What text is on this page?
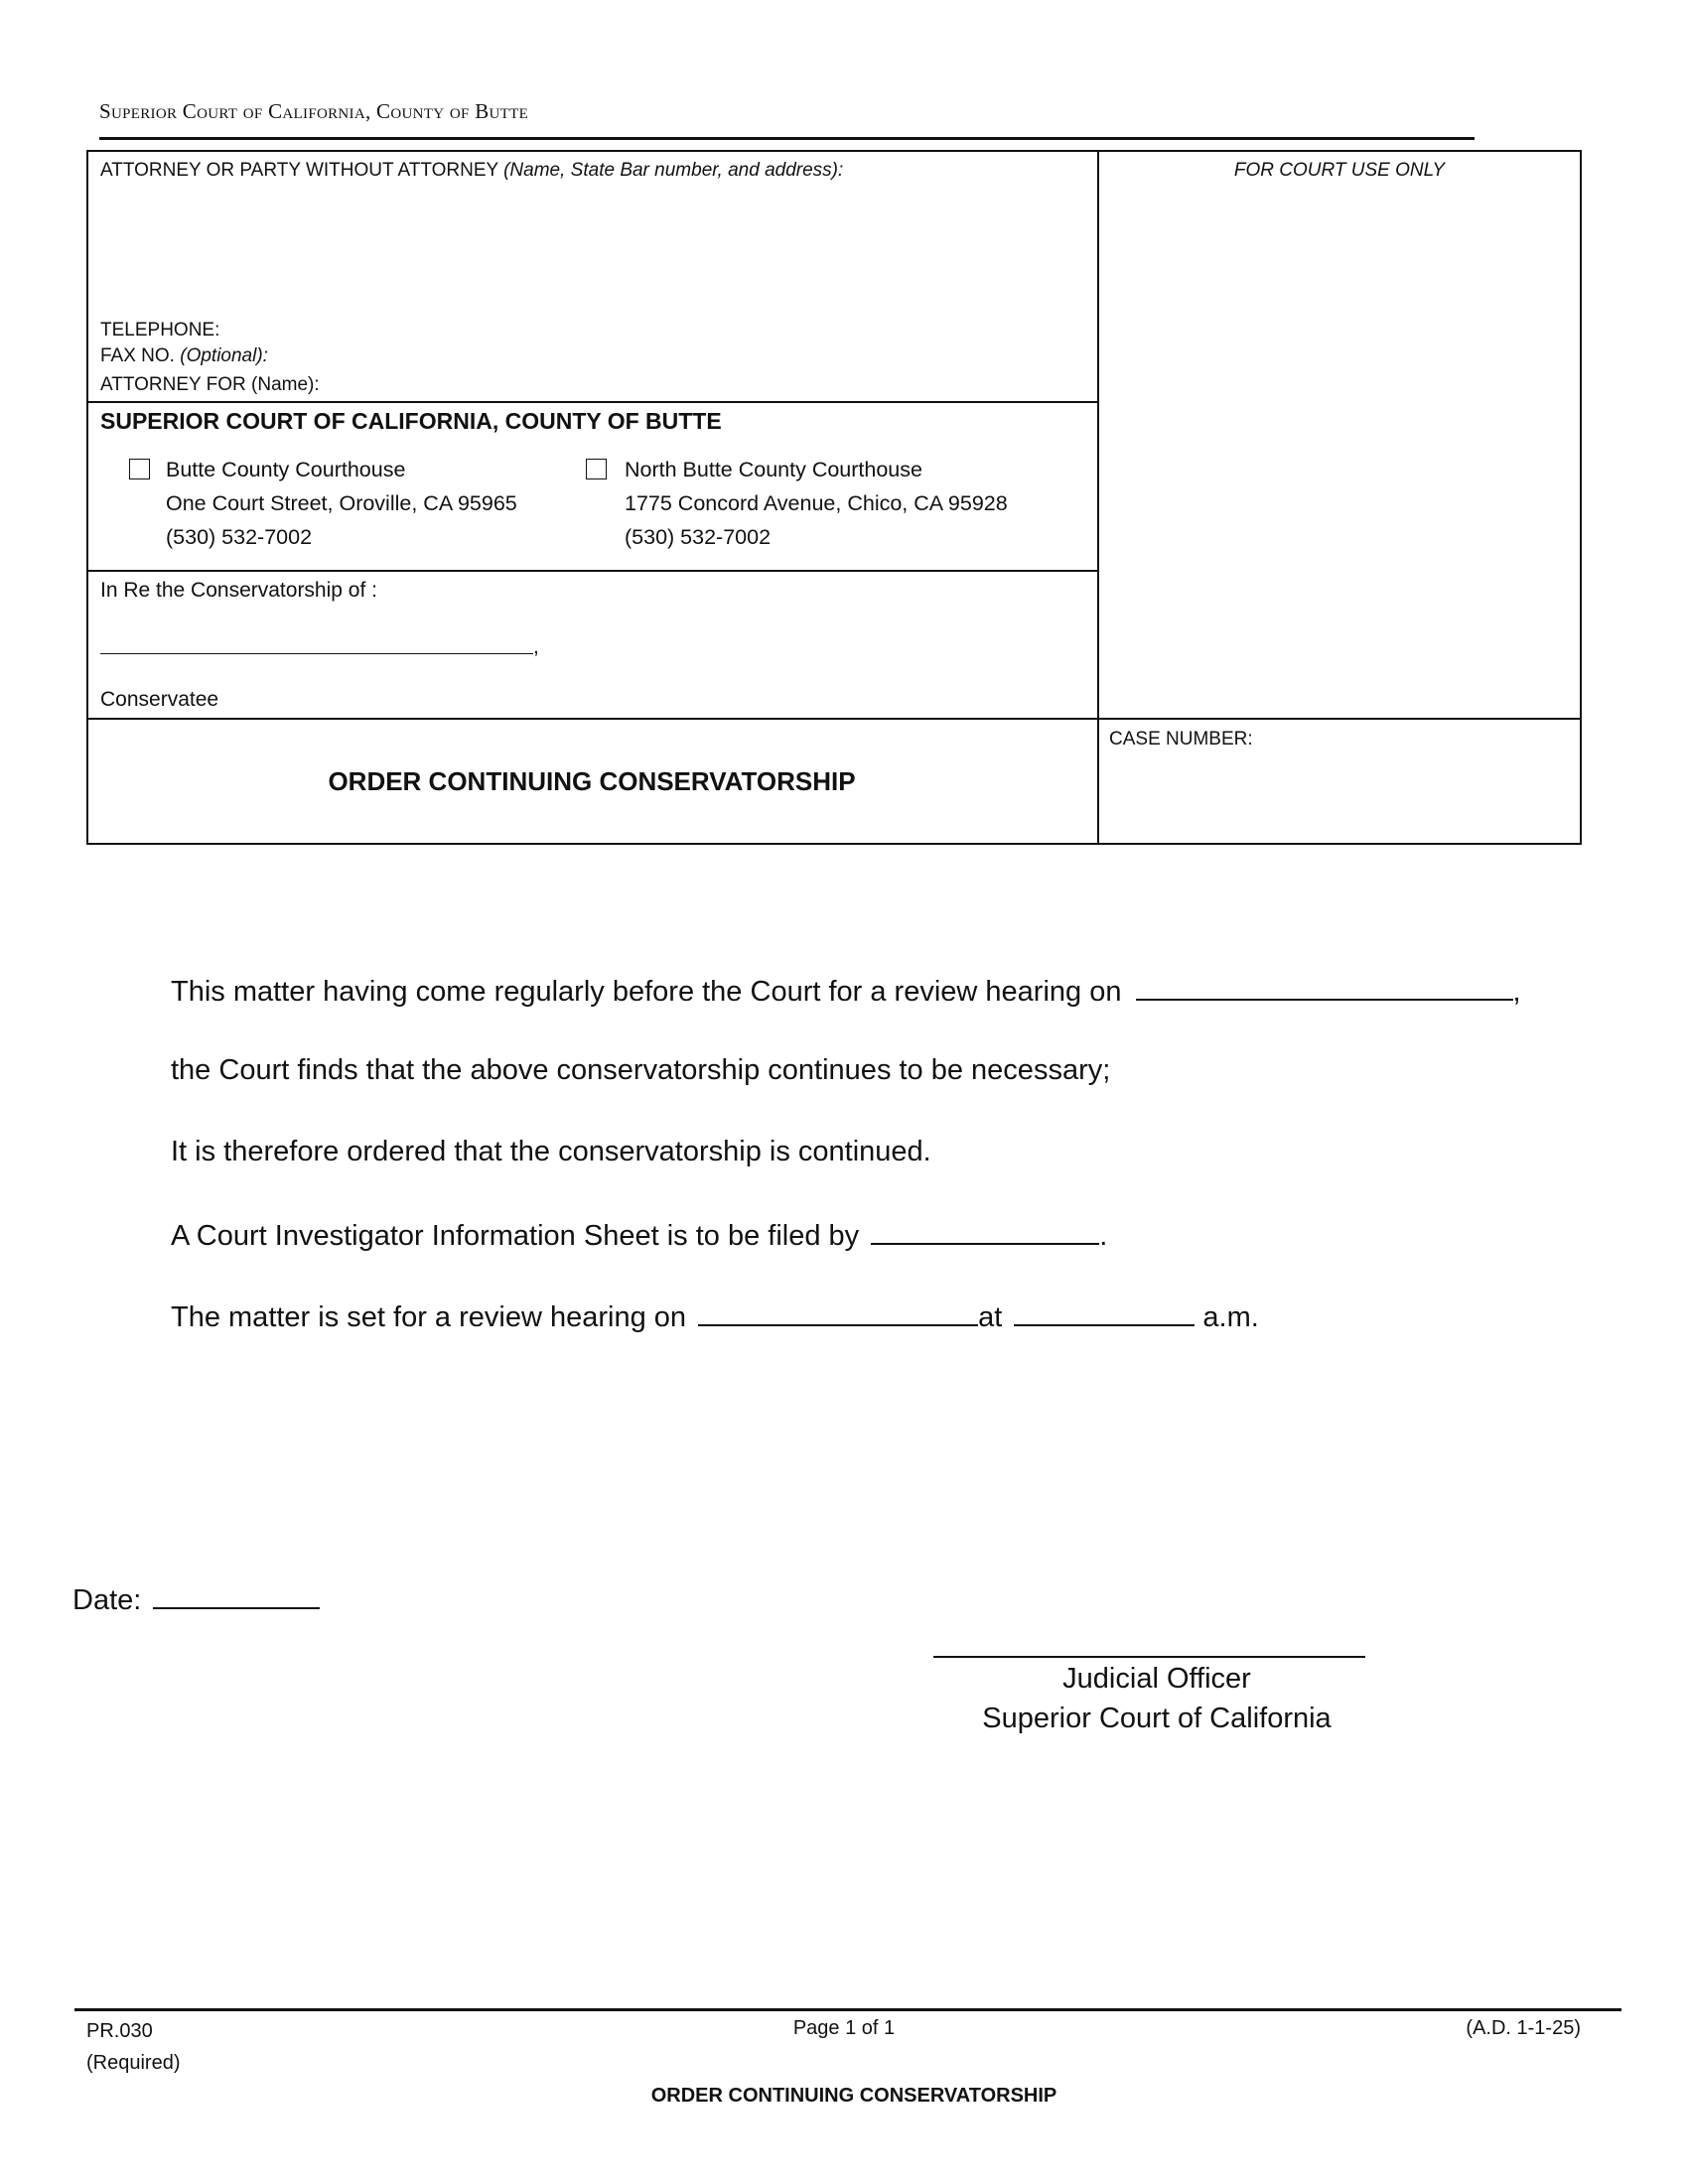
Superior Court of California, County of Butte
ATTORNEY OR PARTY WITHOUT ATTORNEY (Name, State Bar number, and address):
TELEPHONE:
FAX NO. (Optional):
ATTORNEY FOR (Name):
FOR COURT USE ONLY
SUPERIOR COURT OF CALIFORNIA, COUNTY OF BUTTE
Butte County Courthouse
One Court Street, Oroville, CA 95965
(530) 532-7002
North Butte County Courthouse
1775 Concord Avenue, Chico, CA 95928
(530) 532-7002
In Re the Conservatorship of :
,
Conservatee
ORDER CONTINUING CONSERVATORSHIP
CASE NUMBER:
This matter having come regularly before the Court for a review hearing on	,
the Court finds that the above conservatorship continues to be necessary;
It is therefore ordered that the conservatorship is continued.
A Court Investigator Information Sheet is to be filed by	.
The matter is set for a review hearing on	at	a.m.
Date:
Judicial Officer
Superior Court of California
PR.030
(Required)
Page 1 of 1	(A.D. 1-1-25)
ORDER CONTINUING CONSERVATORSHIP
